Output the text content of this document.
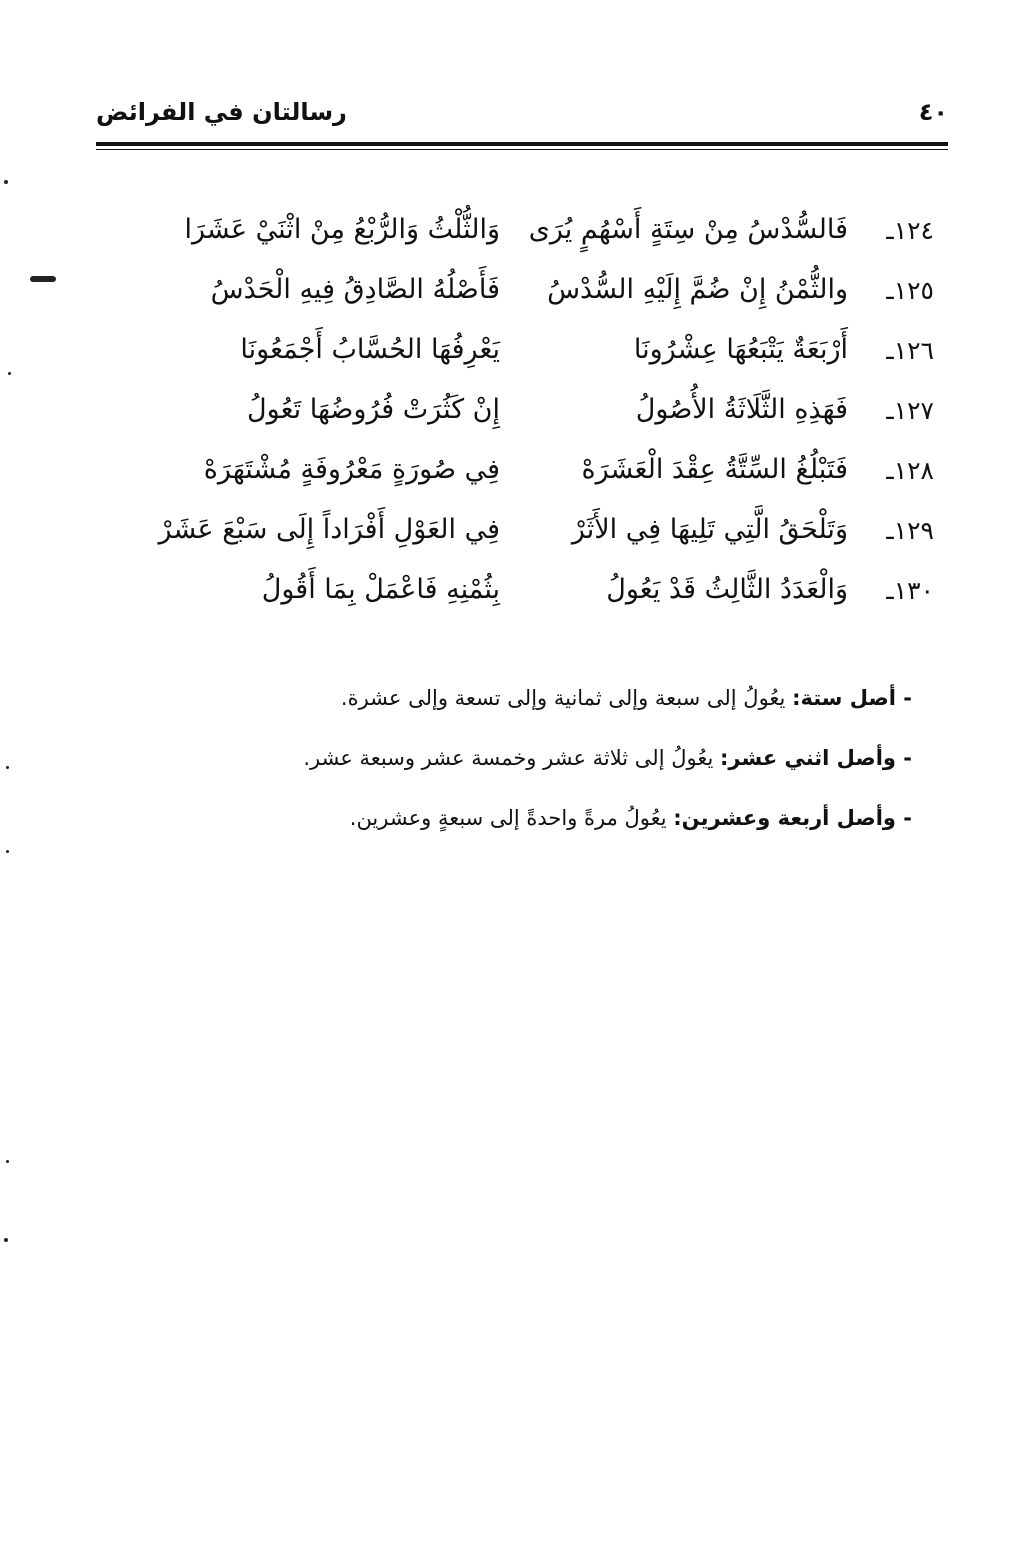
رسالتان في الفرائض	٤٠
١٢٤ـ
فَالسُّدْسُ مِنْ سِتَةٍ أَسْهُمٍ يُرَى
وَالثُّلْثُ وَالرُّبْعُ مِنْ اثْنَيْ عَشَرَا
١٢٥ـ
والثُّمْنُ إِنْ ضُمَّ إِلَيْهِ السُّدْسُ
فَأَصْلُهُ الصَّادِقُ فِيهِ الْحَدْسُ
١٢٦ـ
أَرْبَعَةٌ يَتْبَعُهَا عِشْرُونَا
يَعْرِفُهَا الحُسَّابُ أَجْمَعُونَا
١٢٧ـ
فَهَذِهِ الثَّلَاثَةُ الأُصُولُ
إِنْ كَثُرَتْ فُرُوضُهَا تَعُولُ
١٢٨ـ
فَتَبْلُغُ السِّتَّةُ عِقْدَ الْعَشَرَهْ
فِي صُورَةٍ مَعْرُوفَةٍ مُشْتَهَرَهْ
١٢٩ـ
وَتَلْحَقُ الَّتِي تَلِيهَا فِي الأَثَرْ
فِي العَوْلِ أَفْرَاداً إِلَى سَبْعَ عَشَرْ
١٣٠ـ
وَالْعَدَدُ الثَّالِثُ قَدْ يَعُولُ
بِثُمْنِهِ فَاعْمَلْ بِمَا أَقُولُ
- أصل ستة: يعُولُ إلى سبعة وإلى ثمانية وإلى تسعة وإلى عشرة.
- وأصل اثني عشر: يعُولُ إلى ثلاثة عشر وخمسة عشر وسبعة عشر.
- وأصل أربعة وعشرين: يعُولُ مرةً واحدةً إلى سبعةٍ وعشرين.
